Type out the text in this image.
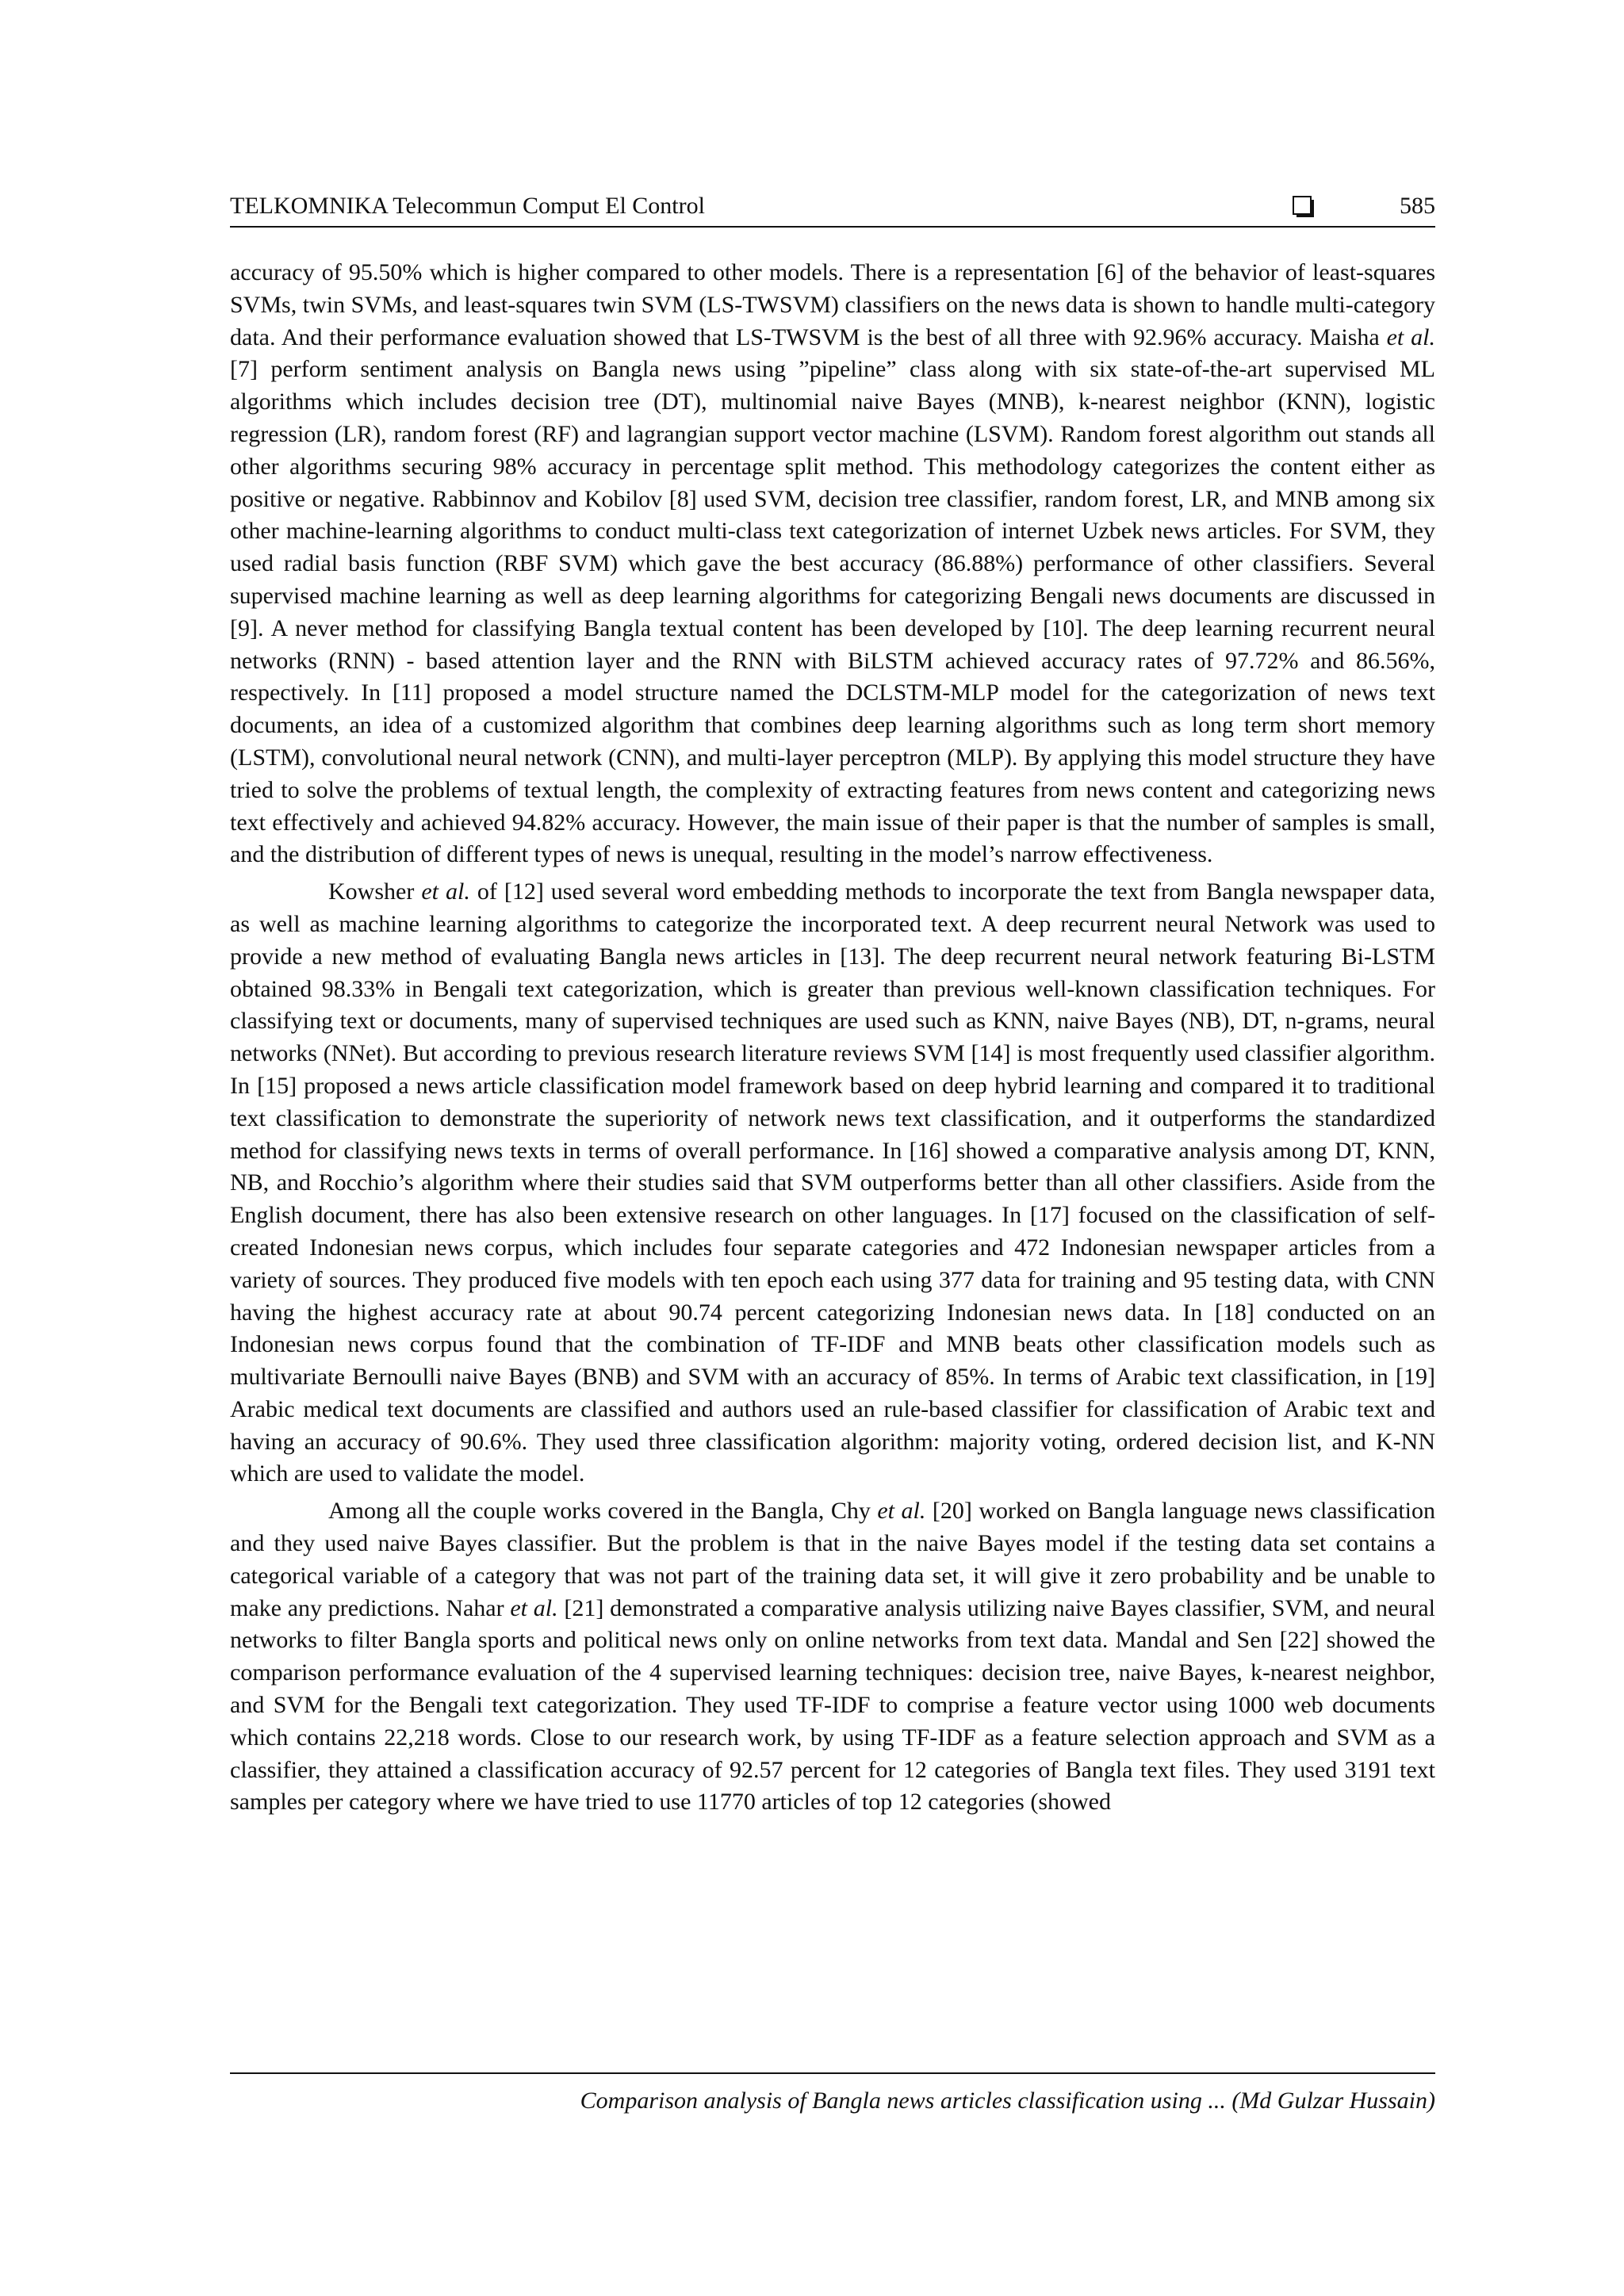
TELKOMNIKA Telecommun Comput El Control	585

accuracy of 95.50% which is higher compared to other models. There is a representation [6] of the behavior of least-squares SVMs, twin SVMs, and least-squares twin SVM (LS-TWSVM) classifiers on the news data is shown to handle multi-category data. And their performance evaluation showed that LS-TWSVM is the best of all three with 92.96% accuracy. Maisha et al. [7] perform sentiment analysis on Bangla news using ”pipeline” class along with six state-of-the-art supervised ML algorithms which includes decision tree (DT), multinomial naive Bayes (MNB), k-nearest neighbor (KNN), logistic regression (LR), random forest (RF) and lagrangian support vector machine (LSVM). Random forest algorithm out stands all other algorithms securing 98% accuracy in percentage split method. This methodology categorizes the content either as positive or negative. Rabbinnov and Kobilov [8] used SVM, decision tree classifier, random forest, LR, and MNB among six other machine-learning algorithms to conduct multi-class text categorization of internet Uzbek news articles. For SVM, they used radial basis function (RBF SVM) which gave the best accuracy (86.88%) performance of other classifiers. Several supervised machine learning as well as deep learning algorithms for categorizing Bengali news documents are discussed in [9]. A never method for classifying Bangla textual content has been developed by [10]. The deep learning recurrent neural networks (RNN) - based attention layer and the RNN with BiLSTM achieved accuracy rates of 97.72% and 86.56%, respectively. In [11] proposed a model structure named the DCLSTM-MLP model for the categorization of news text documents, an idea of a customized algorithm that combines deep learning algorithms such as long term short memory (LSTM), convolutional neural network (CNN), and multi-layer perceptron (MLP). By applying this model structure they have tried to solve the problems of textual length, the complexity of extracting features from news content and categorizing news text effectively and achieved 94.82% accuracy. However, the main issue of their paper is that the number of samples is small, and the distribution of different types of news is unequal, resulting in the model’s narrow effectiveness.

Kowsher et al. of [12] used several word embedding methods to incorporate the text from Bangla newspaper data, as well as machine learning algorithms to categorize the incorporated text. A deep recurrent neural Network was used to provide a new method of evaluating Bangla news articles in [13]. The deep recurrent neural network featuring Bi-LSTM obtained 98.33% in Bengali text categorization, which is greater than previous well-known classification techniques. For classifying text or documents, many of supervised techniques are used such as KNN, naive Bayes (NB), DT, n-grams, neural networks (NNet). But according to previous research literature reviews SVM [14] is most frequently used classifier algorithm. In [15] proposed a news article classification model framework based on deep hybrid learning and compared it to traditional text classification to demonstrate the superiority of network news text classification, and it outperforms the standardized method for classifying news texts in terms of overall performance. In [16] showed a comparative analysis among DT, KNN, NB, and Rocchio’s algorithm where their studies said that SVM outperforms better than all other classifiers. Aside from the English document, there has also been extensive research on other languages. In [17] focused on the classification of self-created Indonesian news corpus, which includes four separate categories and 472 Indonesian newspaper articles from a variety of sources. They produced five models with ten epoch each using 377 data for training and 95 testing data, with CNN having the highest accuracy rate at about 90.74 percent categorizing Indonesian news data. In [18] conducted on an Indonesian news corpus found that the combination of TF-IDF and MNB beats other classification models such as multivariate Bernoulli naive Bayes (BNB) and SVM with an accuracy of 85%. In terms of Arabic text classification, in [19] Arabic medical text documents are classified and authors used an rule-based classifier for classification of Arabic text and having an accuracy of 90.6%. They used three classification algorithm: majority voting, ordered decision list, and K-NN which are used to validate the model.

Among all the couple works covered in the Bangla, Chy et al. [20] worked on Bangla language news classification and they used naive Bayes classifier. But the problem is that in the naive Bayes model if the testing data set contains a categorical variable of a category that was not part of the training data set, it will give it zero probability and be unable to make any predictions. Nahar et al. [21] demonstrated a comparative analysis utilizing naive Bayes classifier, SVM, and neural networks to filter Bangla sports and political news only on online networks from text data. Mandal and Sen [22] showed the comparison performance evaluation of the 4 supervised learning techniques: decision tree, naive Bayes, k-nearest neighbor, and SVM for the Bengali text categorization. They used TF-IDF to comprise a feature vector using 1000 web documents which contains 22,218 words. Close to our research work, by using TF-IDF as a feature selection approach and SVM as a classifier, they attained a classification accuracy of 92.57 percent for 12 categories of Bangla text files. They used 3191 text samples per category where we have tried to use 11770 articles of top 12 categories (showed

Comparison analysis of Bangla news articles classification using ... (Md Gulzar Hussain)
